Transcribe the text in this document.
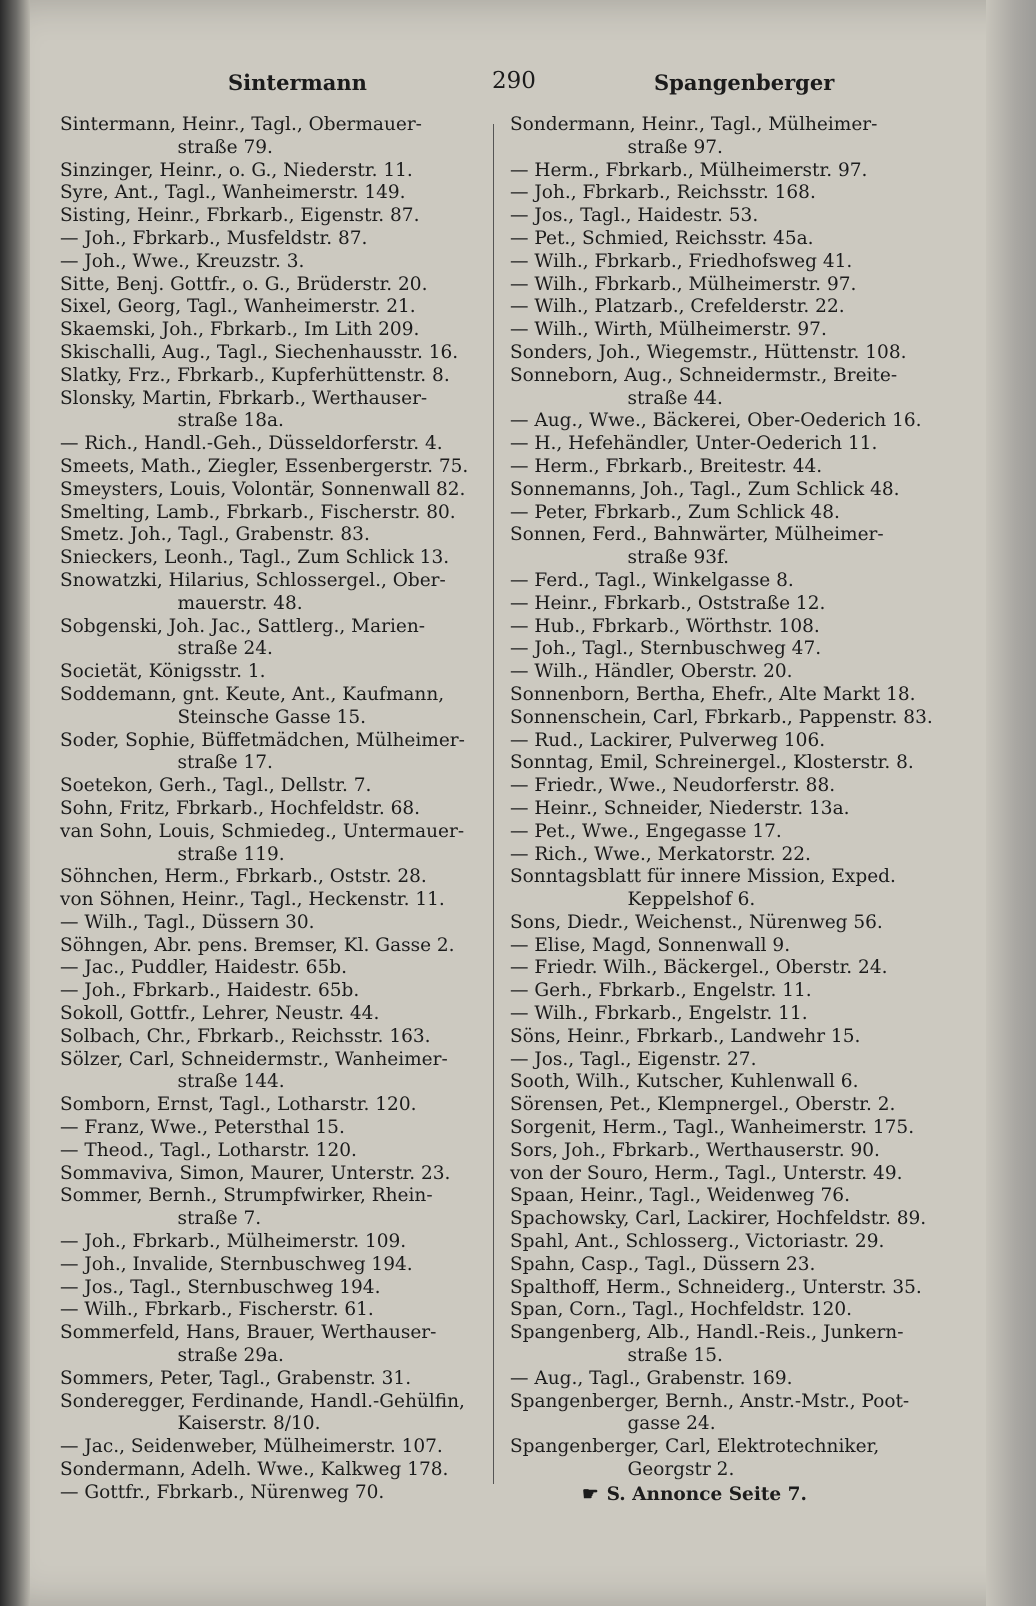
Sintermann	290	Spangenberger
Sintermann, Heinr., Tagl., Obermauer-
straße 79.
Sinzinger, Heinr., o. G., Niederstr. 11.
Syre, Ant., Tagl., Wanheimerstr. 149.
Sisting, Heinr., Fbrkarb., Eigenstr. 87.
— Joh., Fbrkarb., Musfeldstr. 87.
— Joh., Wwe., Kreuzstr. 3.
Sitte, Benj. Gottfr., o. G., Brüderstr. 20.
Sixel, Georg, Tagl., Wanheimerstr. 21.
Skaemski, Joh., Fbrkarb., Im Lith 209.
Skischalli, Aug., Tagl., Siechenhausstr. 16.
Slatky, Frz., Fbrkarb., Kupferhüttenstr. 8.
Slonsky, Martin, Fbrkarb., Werthauser-
straße 18a.
— Rich., Handl.-Geh., Düsseldorferstr. 4.
Smeets, Math., Ziegler, Essenbergerstr. 75.
Smeysters, Louis, Volontär, Sonnenwall 82.
Smelting, Lamb., Fbrkarb., Fischerstr. 80.
Smetz. Joh., Tagl., Grabenstr. 83.
Snieckers, Leonh., Tagl., Zum Schlick 13.
Snowatzki, Hilarius, Schlossergel., Ober-
mauerstr. 48.
Sobgenski, Joh. Jac., Sattlerg., Marien-
straße 24.
Societät, Königsstr. 1.
Soddemann, gnt. Keute, Ant., Kaufmann,
Steinsche Gasse 15.
Soder, Sophie, Büffetmädchen, Mülheimer-
straße 17.
Soetekon, Gerh., Tagl., Dellstr. 7.
Sohn, Fritz, Fbrkarb., Hochfeldstr. 68.
van Sohn, Louis, Schmiedeg., Untermauer-
straße 119.
Söhnchen, Herm., Fbrkarb., Oststr. 28.
von Söhnen, Heinr., Tagl., Heckenstr. 11.
— Wilh., Tagl., Düssern 30.
Söhngen, Abr. pens. Bremser, Kl. Gasse 2.
— Jac., Puddler, Haidestr. 65b.
— Joh., Fbrkarb., Haidestr. 65b.
Sokoll, Gottfr., Lehrer, Neustr. 44.
Solbach, Chr., Fbrkarb., Reichsstr. 163.
Sölzer, Carl, Schneidermstr., Wanheimer-
straße 144.
Somborn, Ernst, Tagl., Lotharstr. 120.
— Franz, Wwe., Petersthal 15.
— Theod., Tagl., Lotharstr. 120.
Sommaviva, Simon, Maurer, Unterstr. 23.
Sommer, Bernh., Strumpfwirker, Rhein-
straße 7.
— Joh., Fbrkarb., Mülheimerstr. 109.
— Joh., Invalide, Sternbuschweg 194.
— Jos., Tagl., Sternbuschweg 194.
— Wilh., Fbrkarb., Fischerstr. 61.
Sommerfeld, Hans, Brauer, Werthauser-
straße 29a.
Sommers, Peter, Tagl., Grabenstr. 31.
Sonderegger, Ferdinande, Handl.-Gehülfin,
Kaiserstr. 8/10.
— Jac., Seidenweber, Mülheimerstr. 107.
Sondermann, Adelh. Wwe., Kalkweg 178.
— Gottfr., Fbrkarb., Nürenweg 70.
Sondermann, Heinr., Tagl., Mülheimer-
straße 97.
— Herm., Fbrkarb., Mülheimerstr. 97.
— Joh., Fbrkarb., Reichsstr. 168.
— Jos., Tagl., Haidestr. 53.
— Pet., Schmied, Reichsstr. 45a.
— Wilh., Fbrkarb., Friedhofsweg 41.
— Wilh., Fbrkarb., Mülheimerstr. 97.
— Wilh., Platzarb., Crefelderstr. 22.
— Wilh., Wirth, Mülheimerstr. 97.
Sonders, Joh., Wiegemstr., Hüttenstr. 108.
Sonneborn, Aug., Schneidermstr., Breite-
straße 44.
— Aug., Wwe., Bäckerei, Ober-Oederich 16.
— H., Hefehändler, Unter-Oederich 11.
— Herm., Fbrkarb., Breitestr. 44.
Sonnemanns, Joh., Tagl., Zum Schlick 48.
— Peter, Fbrkarb., Zum Schlick 48.
Sonnen, Ferd., Bahnwärter, Mülheimer-
straße 93f.
— Ferd., Tagl., Winkelgasse 8.
— Heinr., Fbrkarb., Oststraße 12.
— Hub., Fbrkarb., Wörthstr. 108.
— Joh., Tagl., Sternbuschweg 47.
— Wilh., Händler, Oberstr. 20.
Sonnenborn, Bertha, Ehefr., Alte Markt 18.
Sonnenschein, Carl, Fbrkarb., Pappenstr. 83.
— Rud., Lackirer, Pulverweg 106.
Sonntag, Emil, Schreinergel., Klosterstr. 8.
— Friedr., Wwe., Neudorferstr. 88.
— Heinr., Schneider, Niederstr. 13a.
— Pet., Wwe., Engegasse 17.
— Rich., Wwe., Merkatorstr. 22.
Sonntagsblatt für innere Mission, Exped.
Keppelshof 6.
Sons, Diedr., Weichenst., Nürenweg 56.
— Elise, Magd, Sonnenwall 9.
— Friedr. Wilh., Bäckergel., Oberstr. 24.
— Gerh., Fbrkarb., Engelstr. 11.
— Wilh., Fbrkarb., Engelstr. 11.
Söns, Heinr., Fbrkarb., Landwehr 15.
— Jos., Tagl., Eigenstr. 27.
Sooth, Wilh., Kutscher, Kuhlenwall 6.
Sörensen, Pet., Klempnergel., Oberstr. 2.
Sorgenit, Herm., Tagl., Wanheimerstr. 175.
Sors, Joh., Fbrkarb., Werthauserstr. 90.
von der Souro, Herm., Tagl., Unterstr. 49.
Spaan, Heinr., Tagl., Weidenweg 76.
Spachowsky, Carl, Lackirer, Hochfeldstr. 89.
Spahl, Ant., Schlosserg., Victoriastr. 29.
Spahn, Casp., Tagl., Düssern 23.
Spalthoff, Herm., Schneiderg., Unterstr. 35.
Span, Corn., Tagl., Hochfeldstr. 120.
Spangenberg, Alb., Handl.-Reis., Junkern-
straße 15.
— Aug., Tagl., Grabenstr. 169.
Spangenberger, Bernh., Anstr.-Mstr., Poot-
gasse 24.
Spangenberger, Carl, Elektrotechniker,
Georgstr 2.
☛ S. Annonce Seite 7.
